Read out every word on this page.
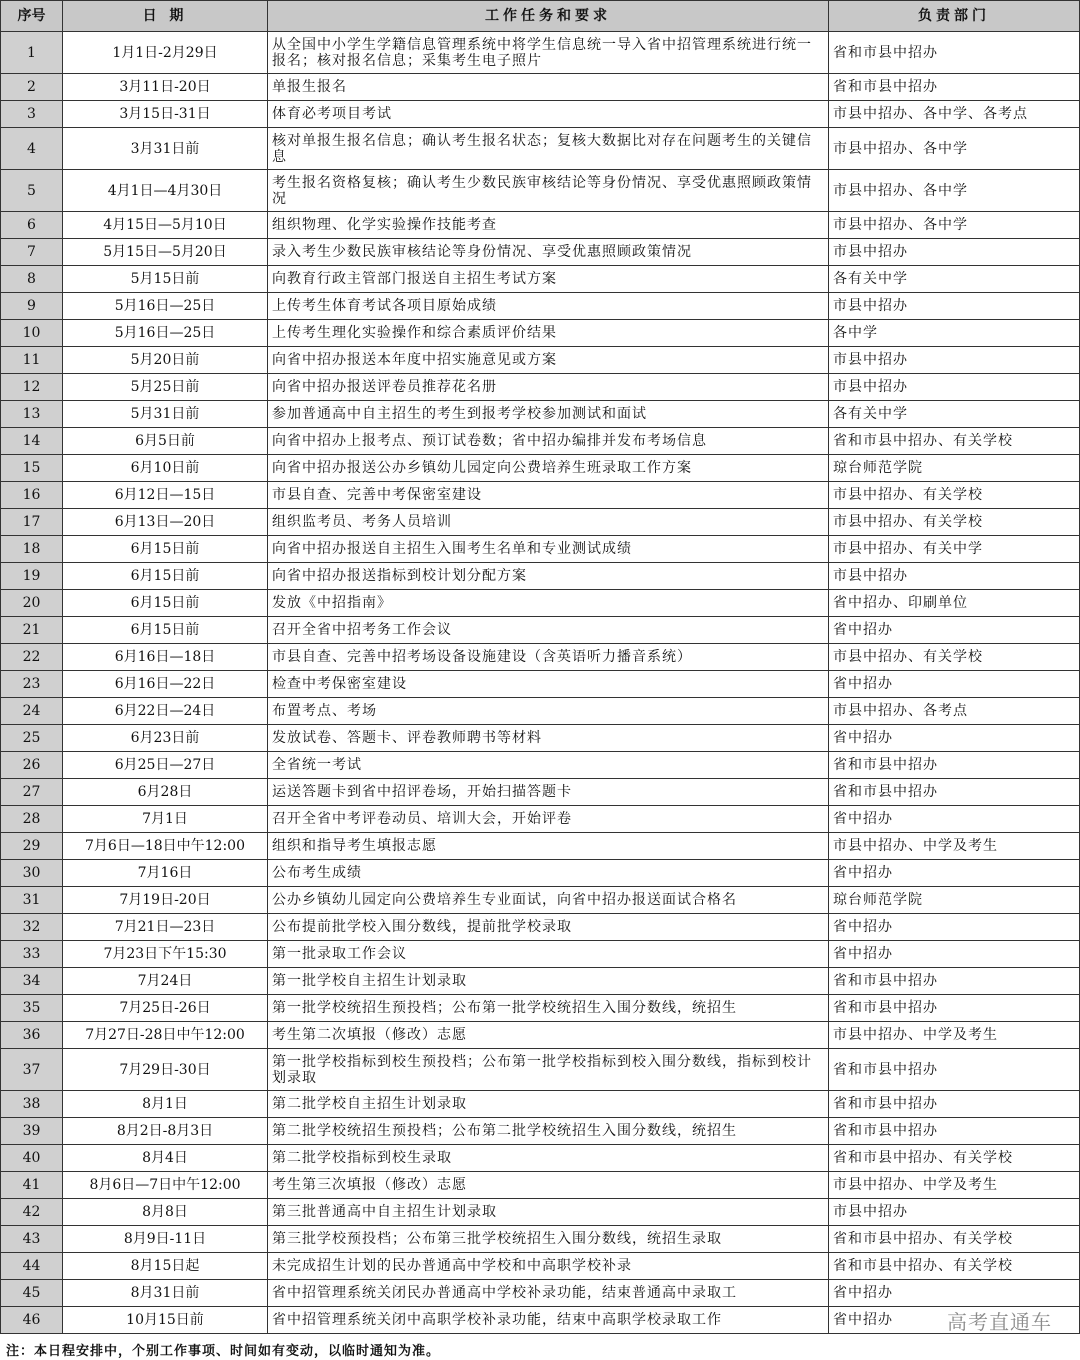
序号	日 期	工作任务和要求	负责部门
1	1月1日-2月29日	从全国中小学生学籍信息管理系统中将学生信息统一导入省中招管理系统进行统一报名；核对报名信息；采集考生电子照片	省和市县中招办
2	3月11日-20日	单报生报名	省和市县中招办
3	3月15日-31日	体育必考项目考试	市县中招办、各中学、各考点
4	3月31日前	核对单报生报名信息；确认考生报名状态；复核大数据比对存在问题考生的关键信息	市县中招办、各中学
5	4月1日—4月30日	考生报名资格复核；确认考生少数民族审核结论等身份情况、享受优惠照顾政策情况	市县中招办、各中学
6	4月15日—5月10日	组织物理、化学实验操作技能考查	市县中招办、各中学
7	5月15日—5月20日	录入考生少数民族审核结论等身份情况、享受优惠照顾政策情况	市县中招办
8	5月15日前	向教育行政主管部门报送自主招生考试方案	各有关中学
9	5月16日—25日	上传考生体育考试各项目原始成绩	市县中招办
10	5月16日—25日	上传考生理化实验操作和综合素质评价结果	各中学
11	5月20日前	向省中招办报送本年度中招实施意见或方案	市县中招办
12	5月25日前	向省中招办报送评卷员推荐花名册	市县中招办
13	5月31日前	参加普通高中自主招生的考生到报考学校参加测试和面试	各有关中学
14	6月5日前	向省中招办上报考点、预订试卷数；省中招办编排并发布考场信息	省和市县中招办、有关学校
15	6月10日前	向省中招办报送公办乡镇幼儿园定向公费培养生班录取工作方案	琼台师范学院
16	6月12日—15日	市县自查、完善中考保密室建设	市县中招办、有关学校
17	6月13日—20日	组织监考员、考务人员培训	市县中招办、有关学校
18	6月15日前	向省中招办报送自主招生入围考生名单和专业测试成绩	市县中招办、有关中学
19	6月15日前	向省中招办报送指标到校计划分配方案	市县中招办
20	6月15日前	发放《中招指南》	省中招办、印刷单位
21	6月15日前	召开全省中招考务工作会议	省中招办
22	6月16日—18日	市县自查、完善中招考场设备设施建设（含英语听力播音系统）	市县中招办、有关学校
23	6月16日—22日	检查中考保密室建设	省中招办
24	6月22日—24日	布置考点、考场	市县中招办、各考点
25	6月23日前	发放试卷、答题卡、评卷教师聘书等材料	省中招办
26	6月25日—27日	全省统一考试	省和市县中招办
27	6月28日	运送答题卡到省中招评卷场，开始扫描答题卡	省和市县中招办
28	7月1日	召开全省中考评卷动员、培训大会，开始评卷	省中招办
29	7月6日—18日中午12:00	组织和指导考生填报志愿	市县中招办、中学及考生
30	7月16日	公布考生成绩	省中招办
31	7月19日-20日	公办乡镇幼儿园定向公费培养生专业面试，向省中招办报送面试合格名	琼台师范学院
32	7月21日—23日	公布提前批学校入围分数线，提前批学校录取	省中招办
33	7月23日下午15:30	第一批录取工作会议	省中招办
34	7月24日	第一批学校自主招生计划录取	省和市县中招办
35	7月25日-26日	第一批学校统招生预投档；公布第一批学校统招生入围分数线，统招生	省和市县中招办
36	7月27日-28日中午12:00	考生第二次填报（修改）志愿	市县中招办、中学及考生
37	7月29日-30日	第一批学校指标到校生预投档；公布第一批学校指标到校入围分数线，指标到校计划录取	省和市县中招办
38	8月1日	第二批学校自主招生计划录取	省和市县中招办
39	8月2日-8月3日	第二批学校统招生预投档；公布第二批学校统招生入围分数线，统招生	省和市县中招办
40	8月4日	第二批学校指标到校生录取	省和市县中招办、有关学校
41	8月6日—7日中午12:00	考生第三次填报（修改）志愿	市县中招办、中学及考生
42	8月8日	第三批普通高中自主招生计划录取	市县中招办
43	8月9日-11日	第三批学校预投档；公布第三批学校统招生入围分数线，统招生录取	省和市县中招办、有关学校
44	8月15日起	未完成招生计划的民办普通高中学校和中高职学校补录	省和市县中招办、有关学校
45	8月31日前	省中招管理系统关闭民办普通高中学校补录功能，结束普通高中录取工	省中招办
46	10月15日前	省中招管理系统关闭中高职学校补录功能，结束中高职学校录取工作	省中招办
注：本日程安排中，个别工作事项、时间如有变动，以临时通知为准。
高考直通车
